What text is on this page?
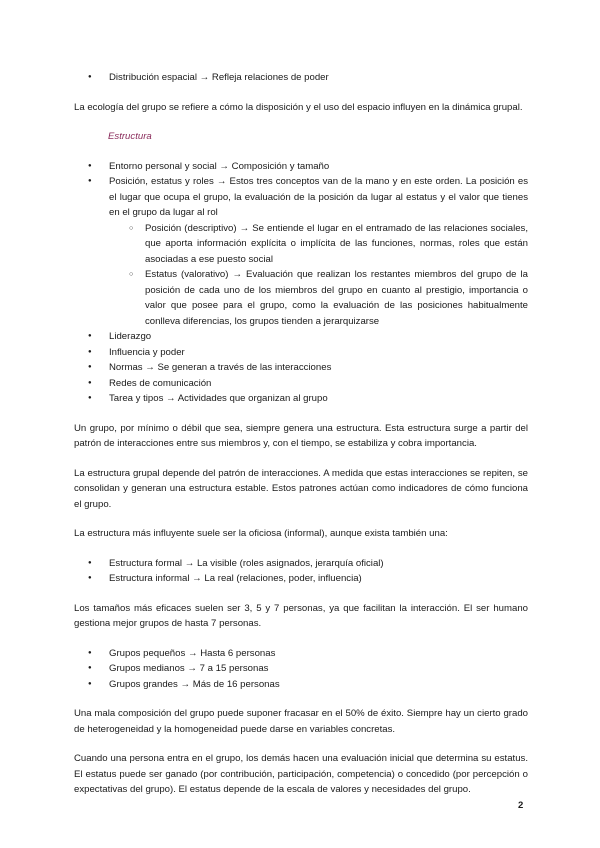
● Distribución espacial → Refleja relaciones de poder

La ecología del grupo se refiere a cómo la disposición y el uso del espacio influyen en la dinámica grupal.

Estructura
● Entorno personal y social → Composición y tamaño
● Posición, estatus y roles → Estos tres conceptos van de la mano y en este orden. La posición es el lugar que ocupa el grupo, la evaluación de la posición da lugar al estatus y el valor que tienes en el grupo da lugar al rol
○ Posición (descriptivo) → Se entiende el lugar en el entramado de las relaciones sociales, que aporta información explícita o implícita de las funciones, normas, roles que están asociadas a ese puesto social
○ Estatus (valorativo) → Evaluación que realizan los restantes miembros del grupo de la posición de cada uno de los miembros del grupo en cuanto al prestigio, importancia o valor que posee para el grupo, como la evaluación de las posiciones habitualmente conlleva diferencias, los grupos tienden a jerarquizarse
● Liderazgo
● Influencia y poder
● Normas → Se generan a través de las interacciones
● Redes de comunicación
● Tarea y tipos → Actividades que organizan al grupo

Un grupo, por mínimo o débil que sea, siempre genera una estructura. Esta estructura surge a partir del patrón de interacciones entre sus miembros y, con el tiempo, se estabiliza y cobra importancia.

La estructura grupal depende del patrón de interacciones. A medida que estas interacciones se repiten, se consolidan y generan una estructura estable. Estos patrones actúan como indicadores de cómo funciona el grupo.

La estructura más influyente suele ser la oficiosa (informal), aunque exista también una:

● Estructura formal → La visible (roles asignados, jerarquía oficial)
● Estructura informal → La real (relaciones, poder, influencia)

Los tamaños más eficaces suelen ser 3, 5 y 7 personas, ya que facilitan la interacción. El ser humano gestiona mejor grupos de hasta 7 personas.

● Grupos pequeños → Hasta 6 personas
● Grupos medianos → 7 a 15 personas
● Grupos grandes → Más de 16 personas

Una mala composición del grupo puede suponer fracasar en el 50% de éxito. Siempre hay un cierto grado de heterogeneidad y la homogeneidad puede darse en variables concretas.

Cuando una persona entra en el grupo, los demás hacen una evaluación inicial que determina su estatus. El estatus puede ser ganado (por contribución, participación, competencia) o concedido (por percepción o expectativas del grupo). El estatus depende de la escala de valores y necesidades del grupo.

2
